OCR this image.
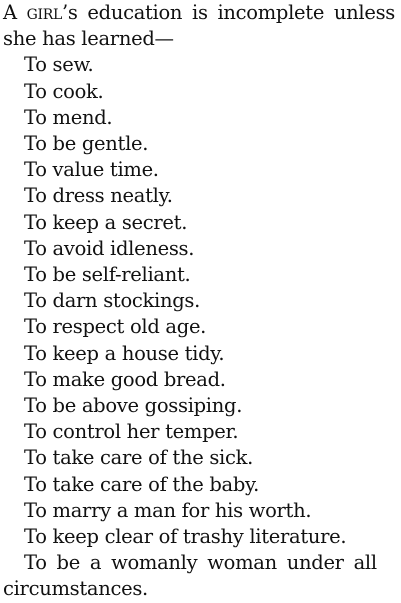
A girl’s education is incomplete unless she has learned—

To sew.
To cook.
To mend.
To be gentle.
To value time.
To dress neatly.
To keep a secret.
To avoid idleness.
To be self-reliant.
To darn stockings.
To respect old age.
To keep a house tidy.
To make good bread.
To be above gossiping.
To control her temper.
To take care of the sick.
To take care of the baby.
To marry a man for his worth.
To keep clear of trashy literature.
To be a womanly woman under all
circumstances.
